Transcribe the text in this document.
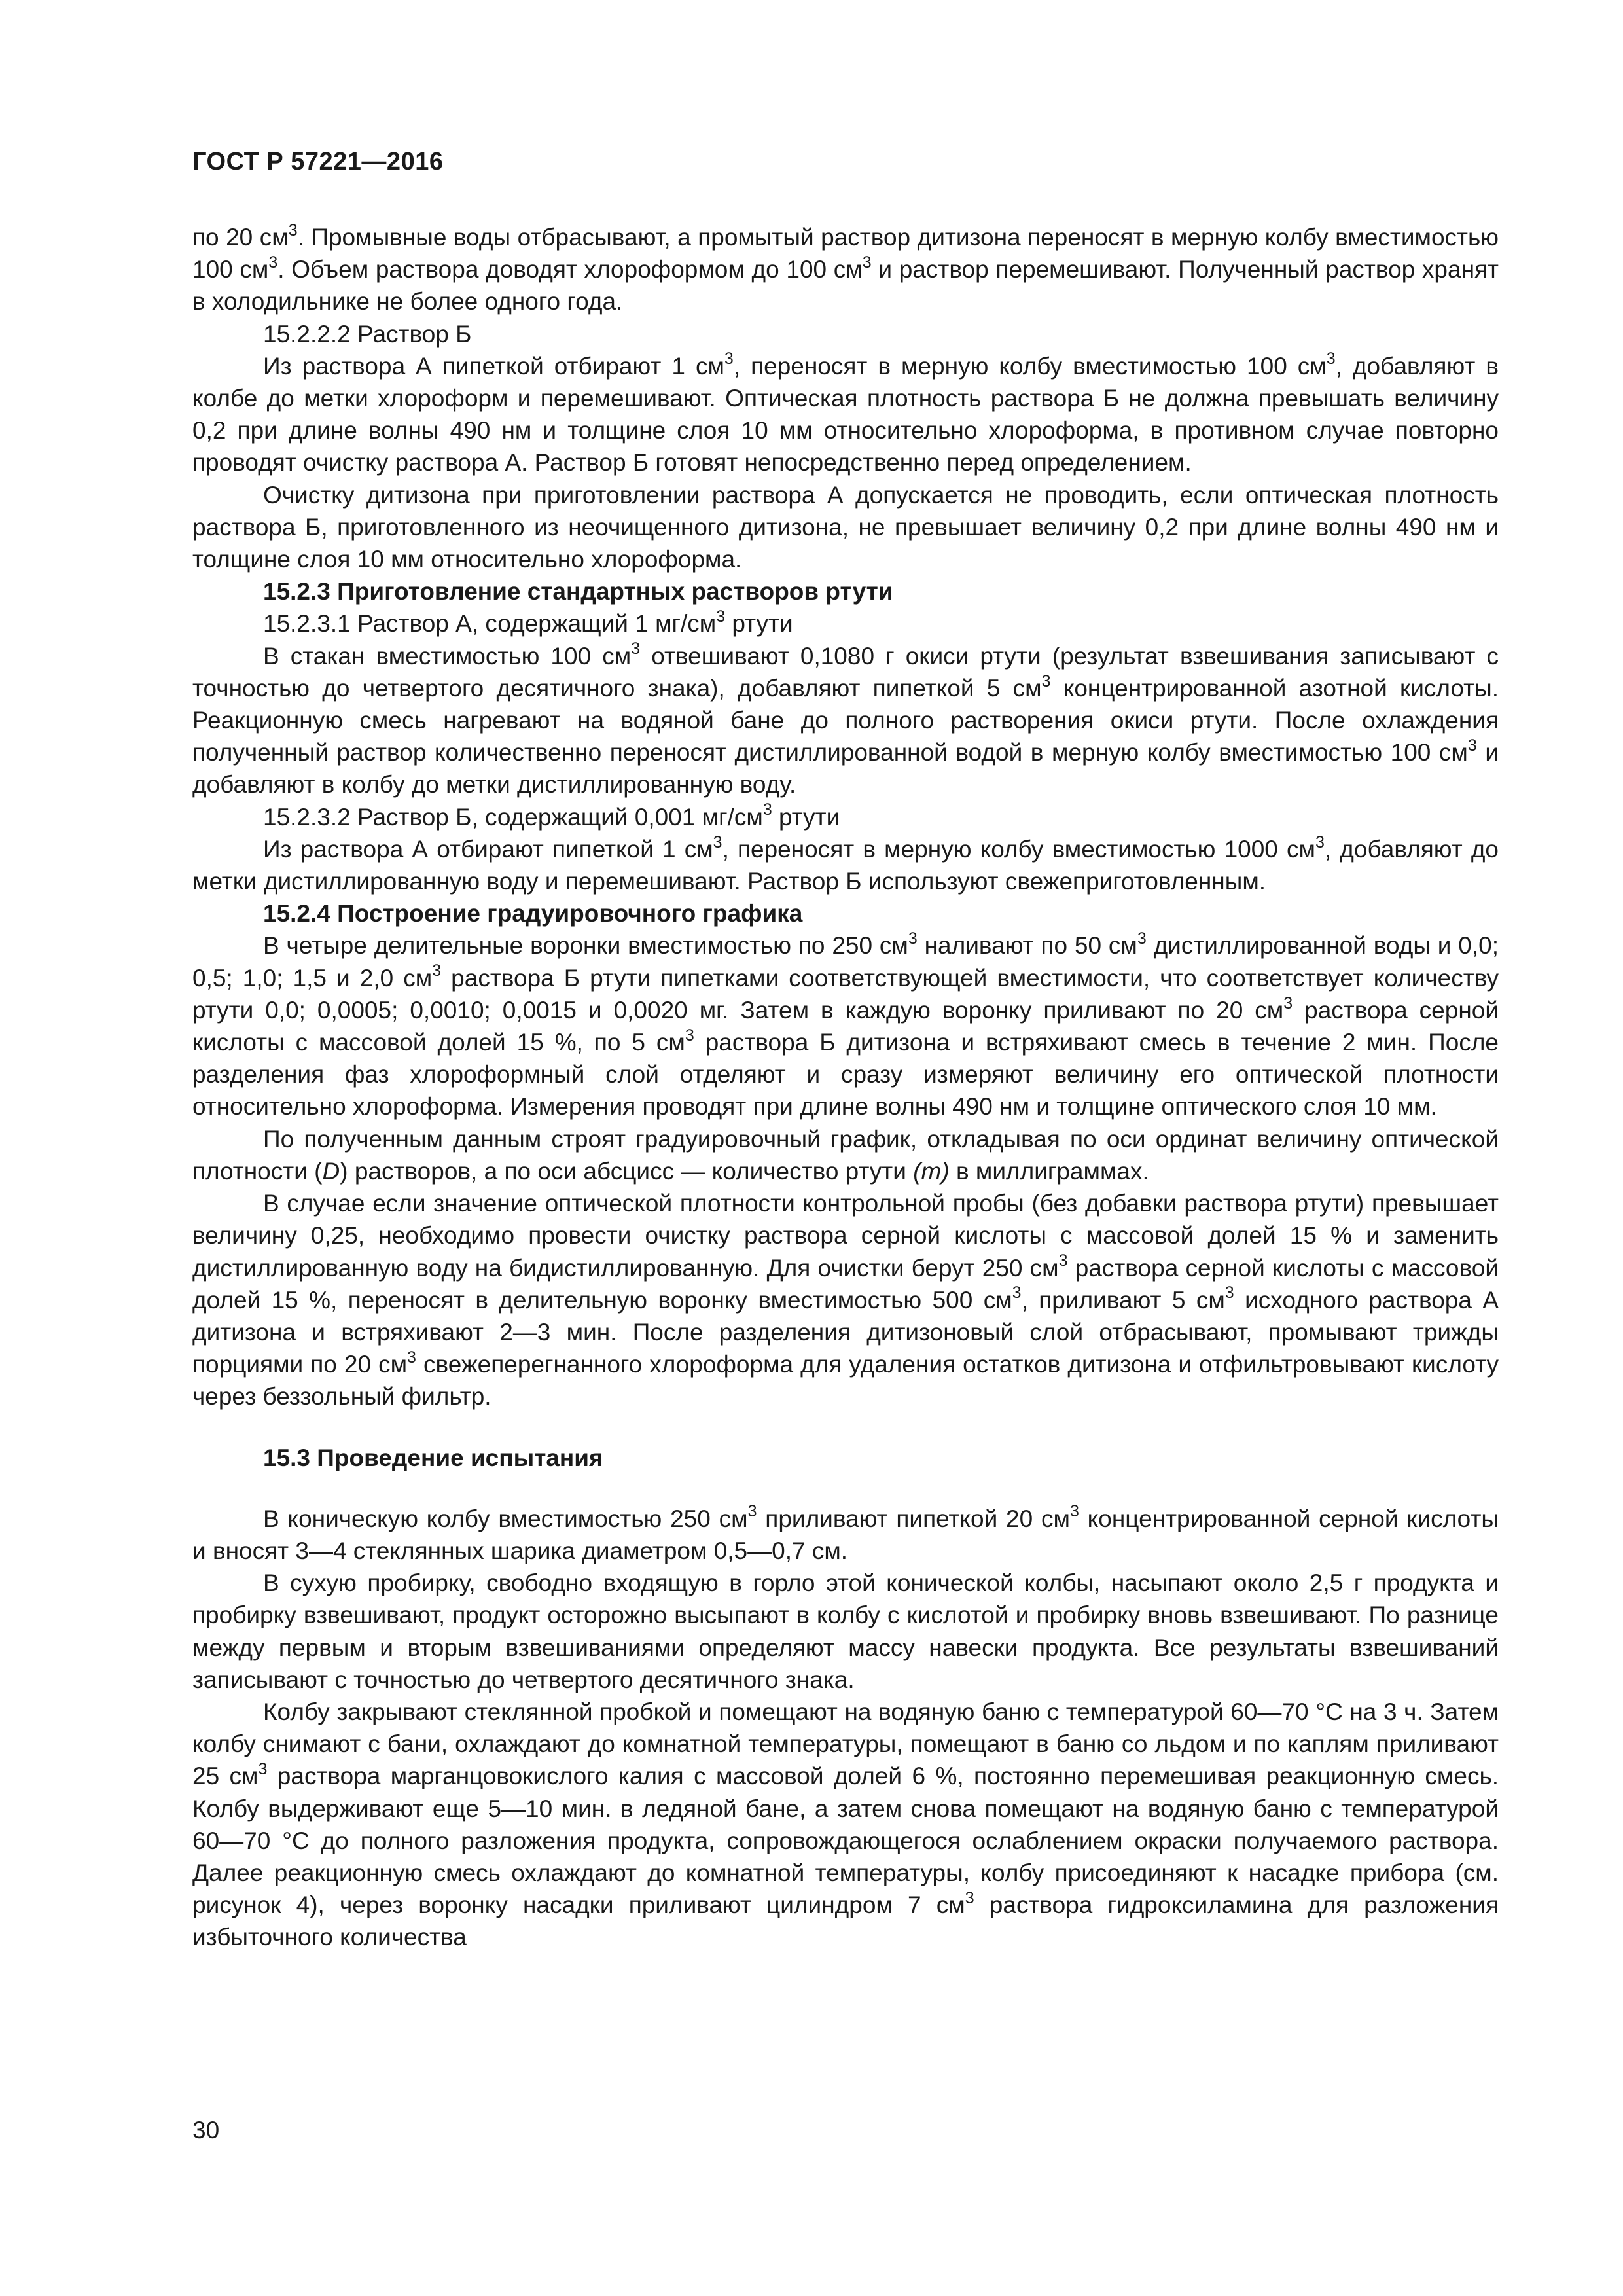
ГОСТ Р 57221—2016

по 20 $см^3$. Промывные воды отбрасывают, а промытый раствор дитизона переносят в мерную колбу вместимостью 100 $см^3$. Объем раствора доводят хлороформом до 100 $см^3$ и раствор перемешивают. Полученный раствор хранят в холодильнике не более одного года.

15.2.2.2 Раствор Б

Из раствора А пипеткой отбирают 1 $см^3$, переносят в мерную колбу вместимостью 100 $см^3$, добавляют в колбе до метки хлороформ и перемешивают. Оптическая плотность раствора Б не должна превышать величину 0,2 при длине волны 490 нм и толщине слоя 10 мм относительно хлороформа, в противном случае повторно проводят очистку раствора А. Раствор Б готовят непосредственно перед определением.

Очистку дитизона при приготовлении раствора А допускается не проводить, если оптическая плотность раствора Б, приготовленного из неочищенного дитизона, не превышает величину 0,2 при длине волны 490 нм и толщине слоя 10 мм относительно хлороформа.

15.2.3 Приготовление стандартных растворов ртути

15.2.3.1 Раствор А, содержащий 1 $мг/см^3$ ртути

В стакан вместимостью 100 $см^3$ отвешивают 0,1080 г окиси ртути (результат взвешивания записывают с точностью до четвертого десятичного знака), добавляют пипеткой 5 $см^3$ концентрированной азотной кислоты. Реакционную смесь нагревают на водяной бане до полного растворения окиси ртути. После охлаждения полученный раствор количественно переносят дистиллированной водой в мерную колбу вместимостью 100 $см^3$ и добавляют в колбу до метки дистиллированную воду.

15.2.3.2 Раствор Б, содержащий 0,001 $мг/см^3$ ртути

Из раствора А отбирают пипеткой 1 $см^3$, переносят в мерную колбу вместимостью 1000 $см^3$, добавляют до метки дистиллированную воду и перемешивают. Раствор Б используют свежеприготовленным.

15.2.4 Построение градуировочного графика

В четыре делительные воронки вместимостью по 250 $см^3$ наливают по 50 $см^3$ дистиллированной воды и 0,0; 0,5; 1,0; 1,5 и 2,0 $см^3$ раствора Б ртути пипетками соответствующей вместимости, что соответствует количеству ртути 0,0; 0,0005; 0,0010; 0,0015 и 0,0020 мг. Затем в каждую воронку приливают по 20 $см^3$ раствора серной кислоты с массовой долей 15 %, по 5 $см^3$ раствора Б дитизона и встряхивают смесь в течение 2 мин. После разделения фаз хлороформный слой отделяют и сразу измеряют величину его оптической плотности относительно хлороформа. Измерения проводят при длине волны 490 нм и толщине оптического слоя 10 мм.

По полученным данным строят градуировочный график, откладывая по оси ординат величину оптической плотности (D) растворов, а по оси абсцисс — количество ртути (m) в миллиграммах.

В случае если значение оптической плотности контрольной пробы (без добавки раствора ртути) превышает величину 0,25, необходимо провести очистку раствора серной кислоты с массовой долей 15 % и заменить дистиллированную воду на бидистиллированную. Для очистки берут 250 $см^3$ раствора серной кислоты с массовой долей 15 %, переносят в делительную воронку вместимостью 500 $см^3$, приливают 5 $см^3$ исходного раствора А дитизона и встряхивают 2—3 мин. После разделения дитизоновый слой отбрасывают, промывают трижды порциями по 20 $см^3$ свежеперегнанного хлороформа для удаления остатков дитизона и отфильтровывают кислоту через беззольный фильтр.

15.3 Проведение испытания

В коническую колбу вместимостью 250 $см^3$ приливают пипеткой 20 $см^3$ концентрированной серной кислоты и вносят 3—4 стеклянных шарика диаметром 0,5—0,7 см.

В сухую пробирку, свободно входящую в горло этой конической колбы, насыпают около 2,5 г продукта и пробирку взвешивают, продукт осторожно высыпают в колбу с кислотой и пробирку вновь взвешивают. По разнице между первым и вторым взвешиваниями определяют массу навески продукта. Все результаты взвешиваний записывают с точностью до четвертого десятичного знака.

Колбу закрывают стеклянной пробкой и помещают на водяную баню с температурой 60—70 °С на 3 ч. Затем колбу снимают с бани, охлаждают до комнатной температуры, помещают в баню со льдом и по каплям приливают 25 $см^3$ раствора марганцовокислого калия с массовой долей 6 %, постоянно перемешивая реакционную смесь. Колбу выдерживают еще 5—10 мин. в ледяной бане, а затем снова помещают на водяную баню с температурой 60—70 °С до полного разложения продукта, сопровождающегося ослаблением окраски получаемого раствора. Далее реакционную смесь охлаждают до комнатной температуры, колбу присоединяют к насадке прибора (см. рисунок 4), через воронку насадки приливают цилиндром 7 $см^3$ раствора гидроксиламина для разложения избыточного количества

30
